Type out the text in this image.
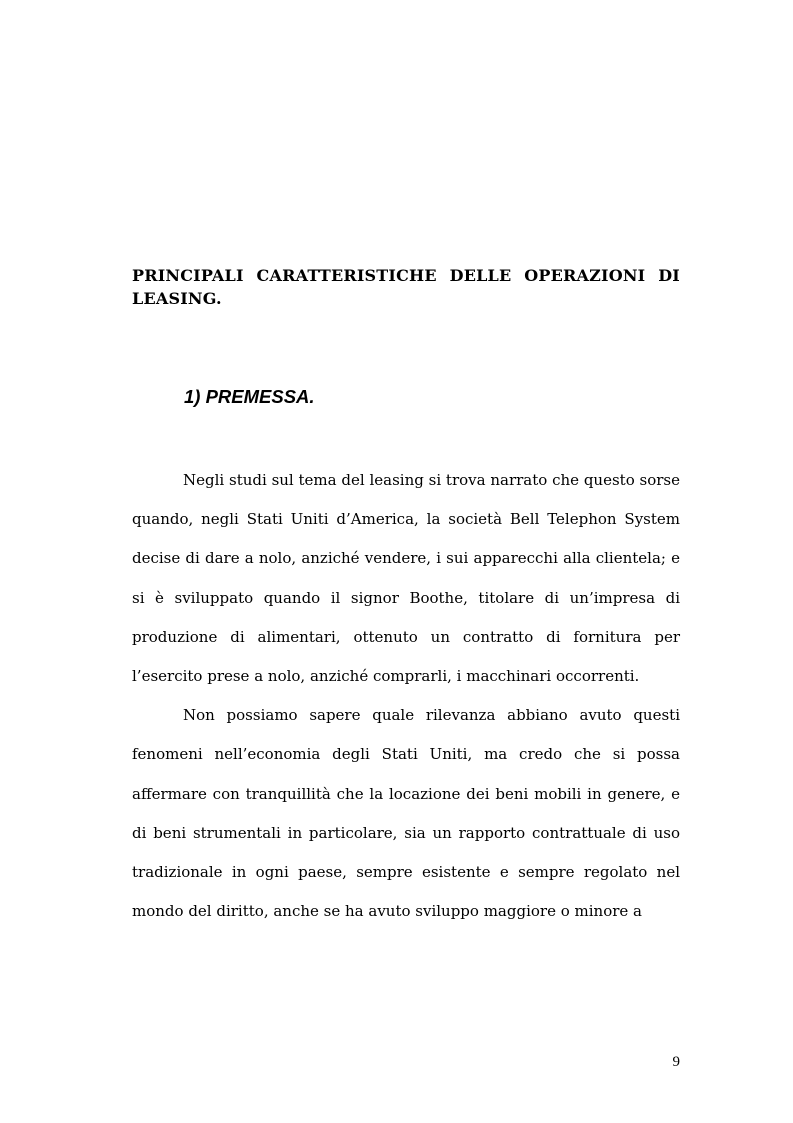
PRINCIPALI CARATTERISTICHE DELLE OPERAZIONI DI LEASING.
1) PREMESSA.

Negli studi sul tema del leasing si trova narrato che questo sorse quando, negli Stati Uniti d’America, la società Bell Telephon System decise di dare a nolo, anziché vendere, i sui apparecchi alla clientela; e si è sviluppato quando il signor Boothe, titolare di un’impresa di produzione di alimentari, ottenuto un contratto di fornitura per l’esercito prese a nolo, anziché comprarli, i macchinari occorrenti.

Non possiamo sapere quale rilevanza abbiano avuto questi fenomeni nell’economia degli Stati Uniti, ma credo che si possa affermare con tranquillità che la locazione dei beni mobili in genere, e di beni strumentali in particolare, sia un rapporto contrattuale di uso tradizionale in ogni paese, sempre esistente e sempre regolato nel mondo del diritto, anche se ha avuto sviluppo maggiore o minore a

9
